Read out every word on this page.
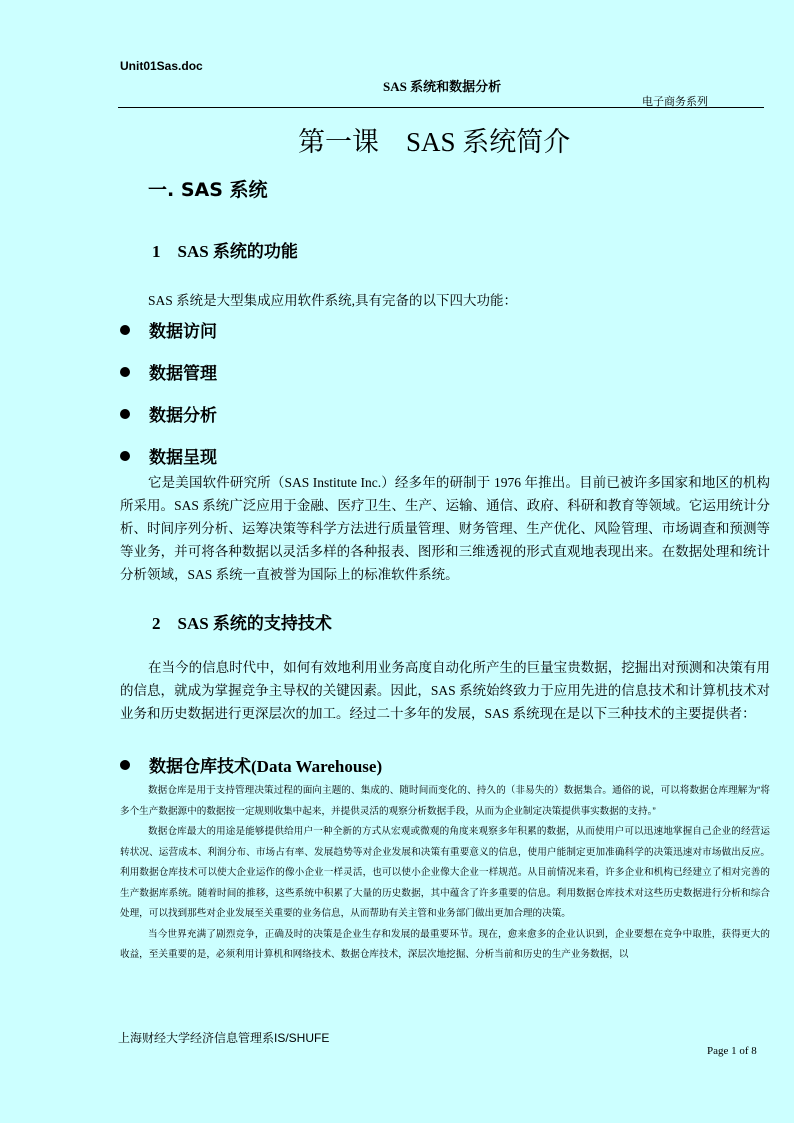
Unit01Sas.doc
SAS 系统和数据分析
电子商务系列
第一课　SAS 系统简介
一. SAS 系统
1　SAS 系统的功能
SAS 系统是大型集成应用软件系统,具有完备的以下四大功能：
数据访问
数据管理
数据分析
数据呈现

它是美国软件研究所（SAS Institute Inc.）经多年的研制于 1976 年推出。目前已被许多国家和地区的机构所采用。SAS 系统广泛应用于金融、医疗卫生、生产、运输、通信、政府、科研和教育等领域。它运用统计分析、时间序列分析、运筹决策等科学方法进行质量管理、财务管理、生产优化、风险管理、市场调查和预测等等业务，并可将各种数据以灵活多样的各种报表、图形和三维透视的形式直观地表现出来。在数据处理和统计分析领域，SAS 系统一直被誉为国际上的标准软件系统。

2　SAS 系统的支持技术

在当今的信息时代中，如何有效地利用业务高度自动化所产生的巨量宝贵数据，挖掘出对预测和决策有用的信息，就成为掌握竞争主导权的关键因素。因此，SAS 系统始终致力于应用先进的信息技术和计算机技术对业务和历史数据进行更深层次的加工。经过二十多年的发展，SAS 系统现在是以下三种技术的主要提供者：

数据仓库技术(Data Warehouse)

数据仓库是用于支持管理决策过程的面向主题的、集成的、随时间而变化的、持久的（非易失的）数据集合。通俗的说，可以将数据仓库理解为“将多个生产数据源中的数据按一定规则收集中起来，并提供灵活的观察分析数据手段，从而为企业制定决策提供事实数据的支持。”

数据仓库最大的用途是能够提供给用户一种全新的方式从宏观或微观的角度来观察多年积累的数据，从而使用户可以迅速地掌握自己企业的经营运转状况、运营成本、利润分布、市场占有率、发展趋势等对企业发展和决策有重要意义的信息，使用户能制定更加准确科学的决策迅速对市场做出反应。利用数据仓库技术可以使大企业运作的像小企业一样灵活，也可以使小企业像大企业一样规范。从目前情况来看，许多企业和机构已经建立了相对完善的生产数据库系统。随着时间的推移，这些系统中积累了大量的历史数据，其中蕴含了许多重要的信息。利用数据仓库技术对这些历史数据进行分析和综合处理，可以找到那些对企业发展至关重要的业务信息，从而帮助有关主管和业务部门做出更加合理的决策。

当今世界充满了剧烈竞争，正确及时的决策是企业生存和发展的最重要环节。现在，愈来愈多的企业认识到，企业要想在竞争中取胜，获得更大的收益，至关重要的是，必须利用计算机和网络技术、数据仓库技术，深层次地挖掘、分析当前和历史的生产业务数据，以

上海财经大学经济信息管理系IS/SHUFE
Page 1 of 8
